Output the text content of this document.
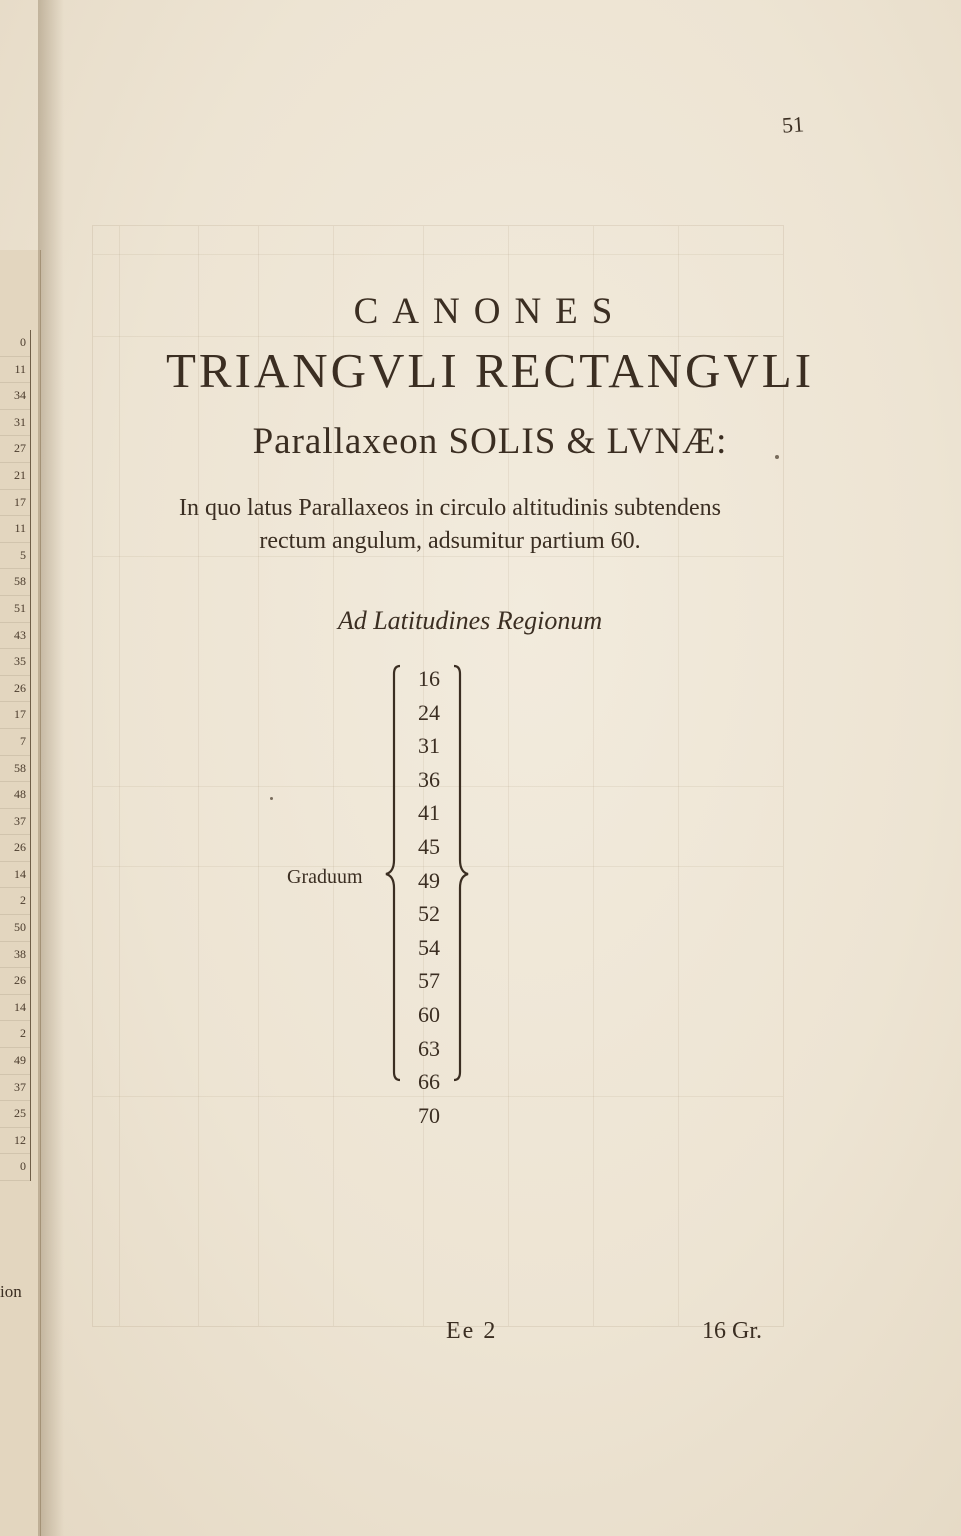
0
11
34
31
27
21
17
11
5
58
51
43
35
26
17
7
58
48
37
26
14
2
50
38
26
14
2
49
37
25
12
0
ion
51
CANONES
TRIANGVLI RECTANGVLI
Parallaxeon SOLIS & LVNÆ:
In quo latus Parallaxeos in circulo altitudinis subtendens
rectum angulum, adsumitur partium 60.
Ad Latitudines Regionum
Graduum
16
24
31
36
41
45
49
52
54
57
60
63
66
70
Ee 2	16 Gr.
